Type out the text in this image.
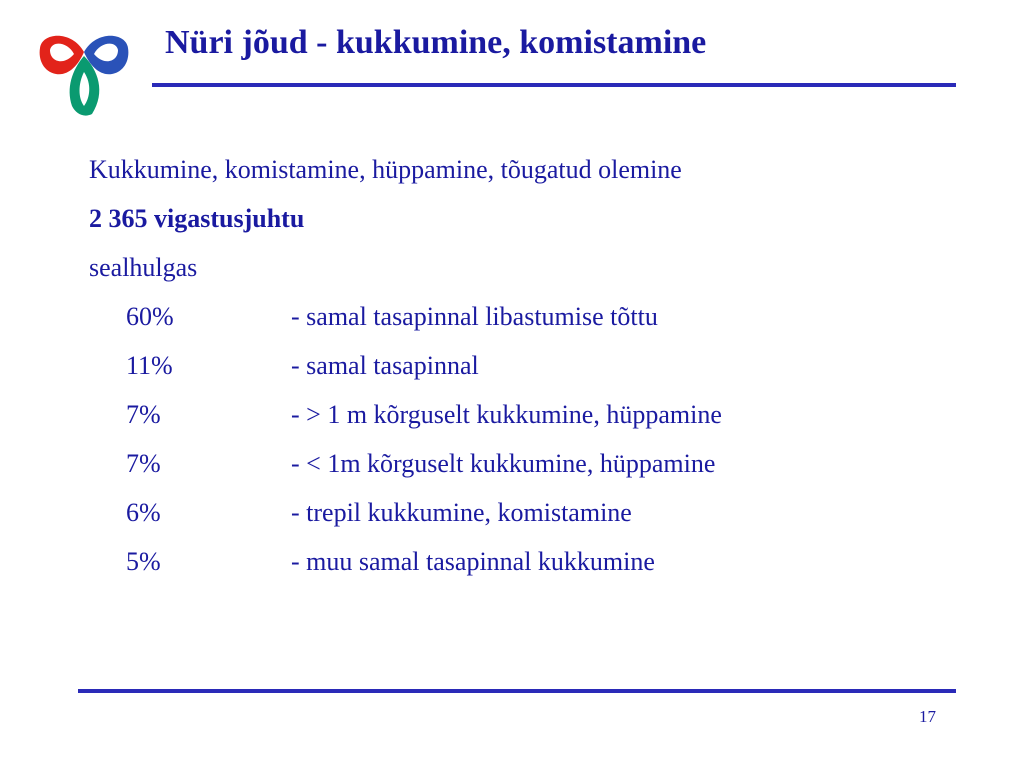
Nüri jõud - kukkumine, komistamine
Kukkumine, komistamine, hüppamine, tõugatud olemine
2 365 vigastusjuhtu
sealhulgas
60%	- samal tasapinnal libastumise tõttu
11%	- samal tasapinnal
7%	- > 1 m kõrguselt kukkumine, hüppamine
7%	- < 1m kõrguselt kukkumine, hüppamine
6%	- trepil kukkumine, komistamine
5%	- muu samal tasapinnal kukkumine
17
